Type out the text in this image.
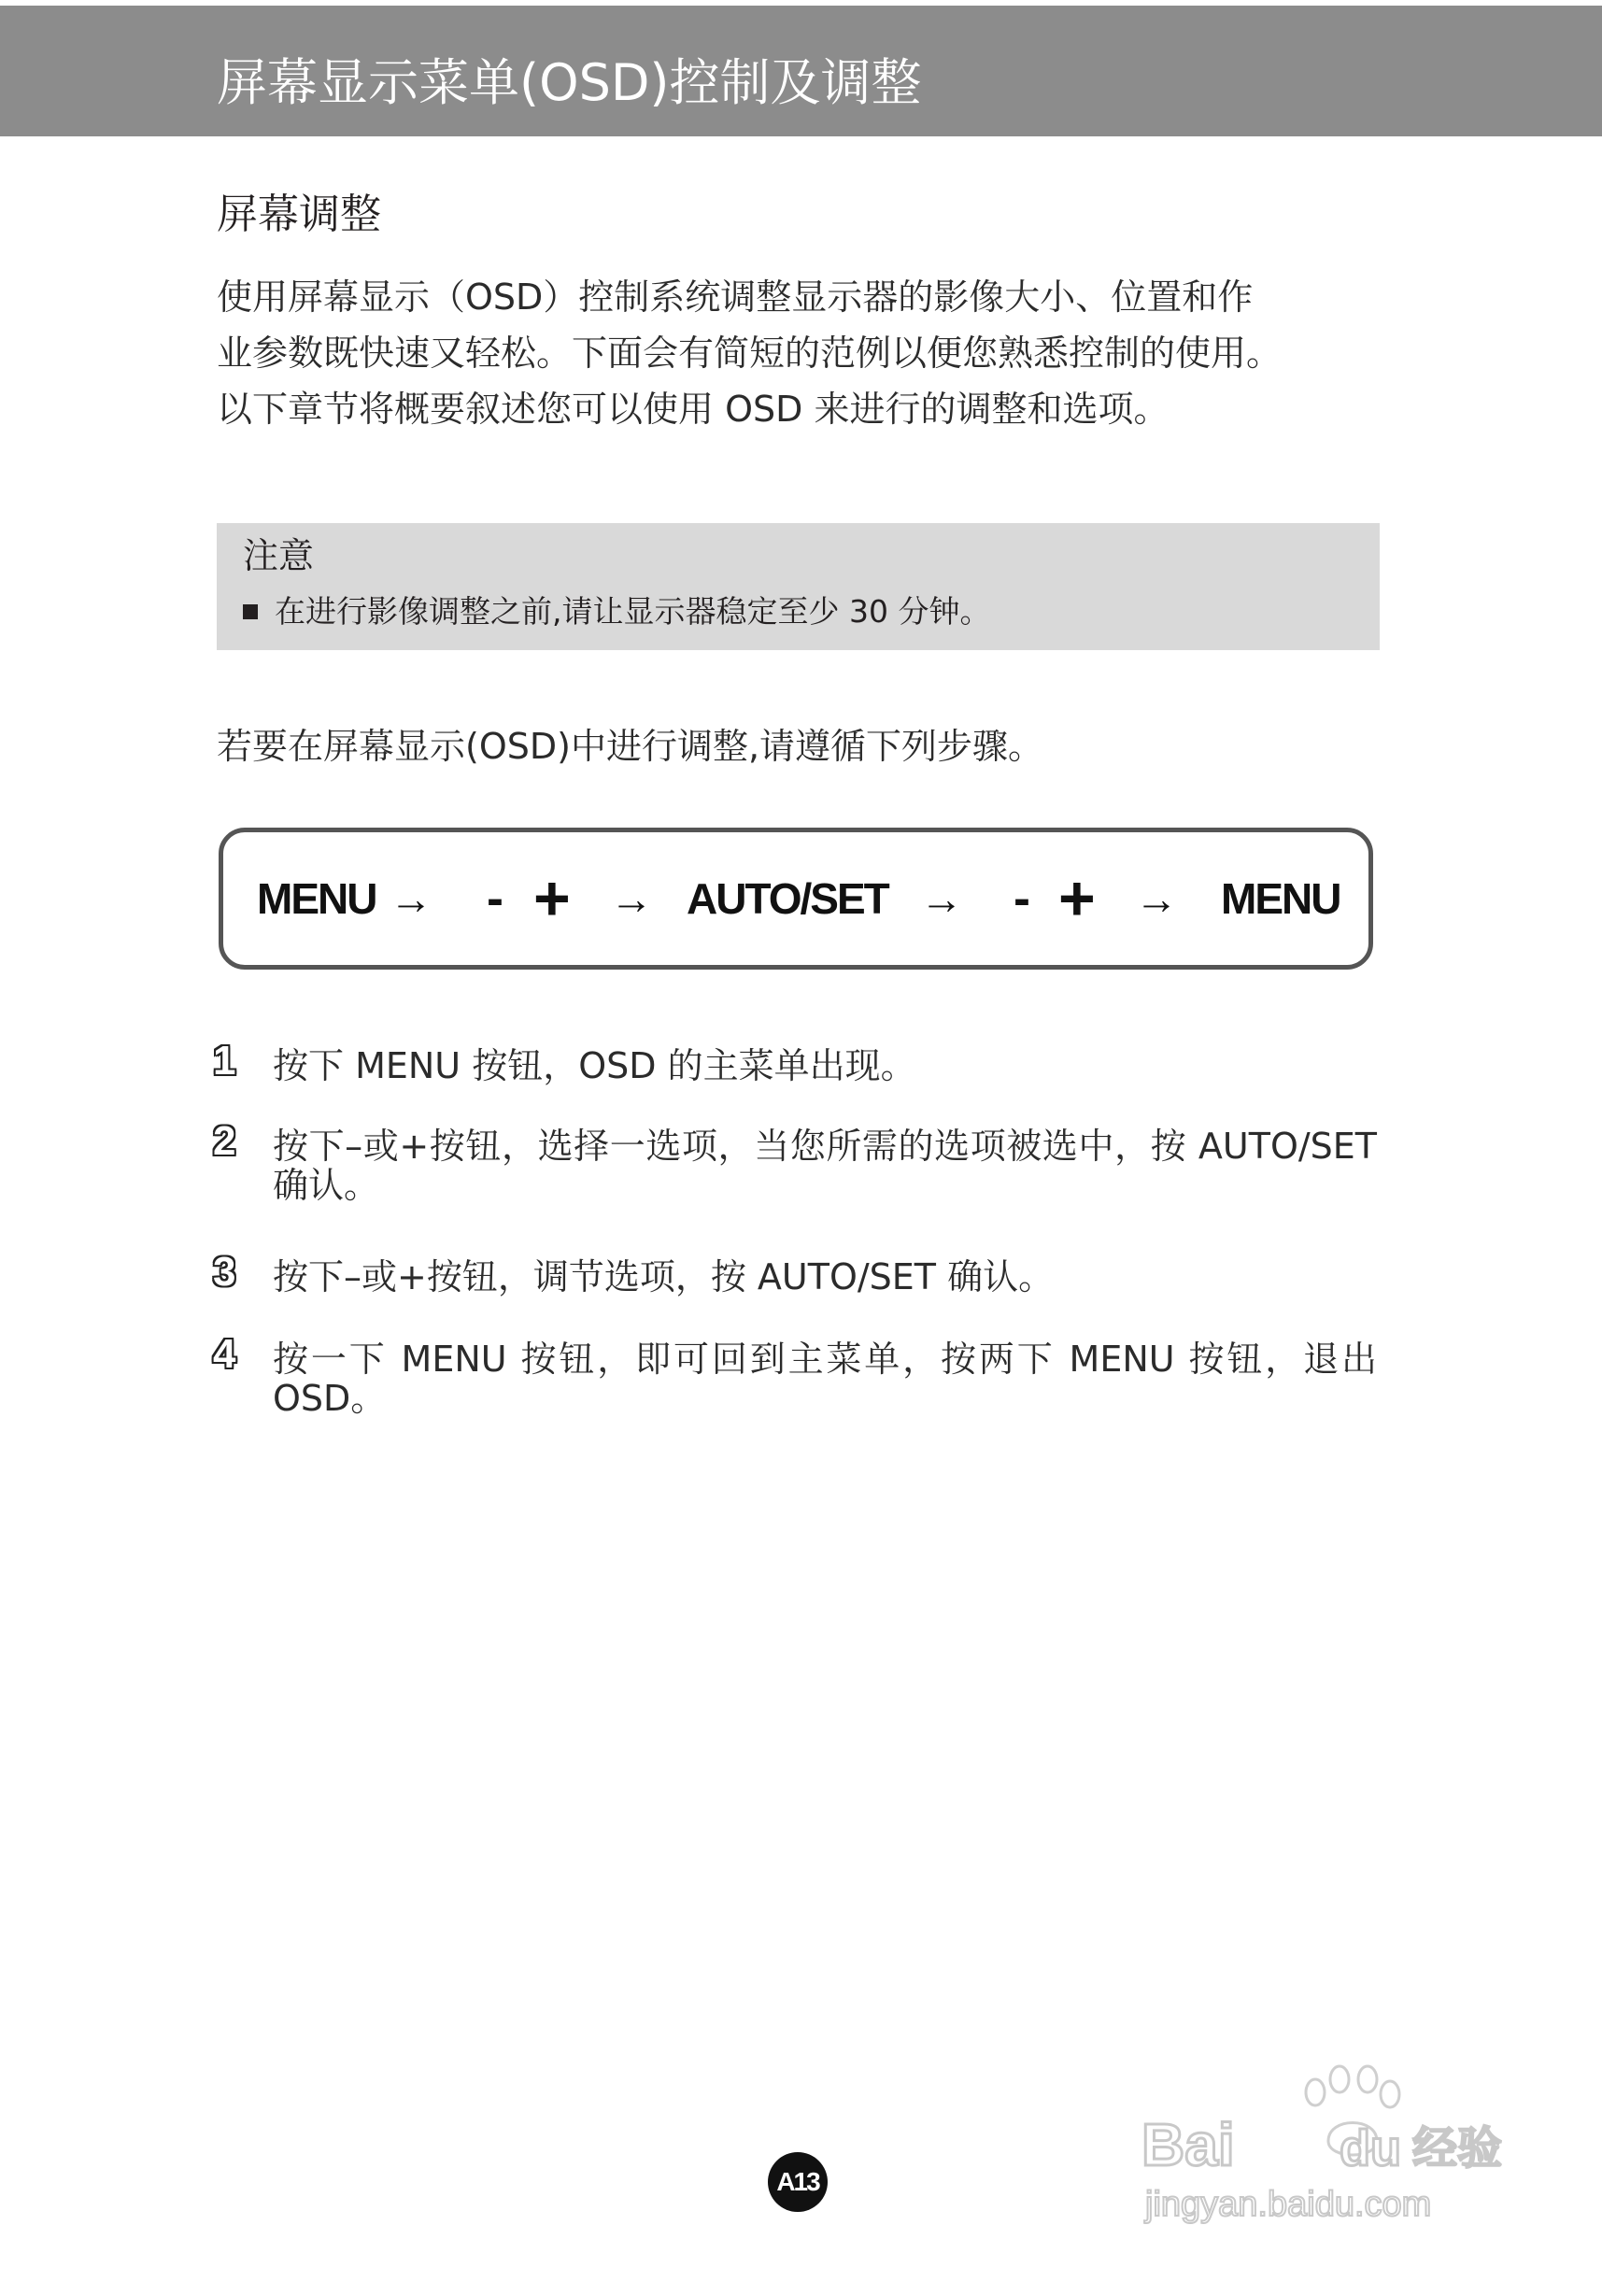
屏幕显示菜单(OSD)控制及调整
屏幕调整

使用屏幕显示（OSD）控制系统调整显示器的影像大小、位置和作

业参数既快速又轻松。下面会有简短的范例以便您熟悉控制的使用。

以下章节将概要叙述您可以使用 OSD 来进行的调整和选项。

注意
在进行影像调整之前,请让显示器稳定至少 30 分钟。
若要在屏幕显示(OSD)中进行调整,请遵循下列步骤。
MENU → - + → AUTO/SET → - + → MENU
1 按下 MENU 按钮，OSD 的主菜单出现。
2 按下–或+按钮，选择一选项，当您所需的选项被选中，按 AUTO/SET 确认。
3 按下–或+按钮，调节选项，按 AUTO/SET 确认。
4 按一下 MENU 按钮，即可回到主菜单，按两下 MENU 按钮，退出 OSD。
A13
Bai du 经验
jingyan.baidu.com
